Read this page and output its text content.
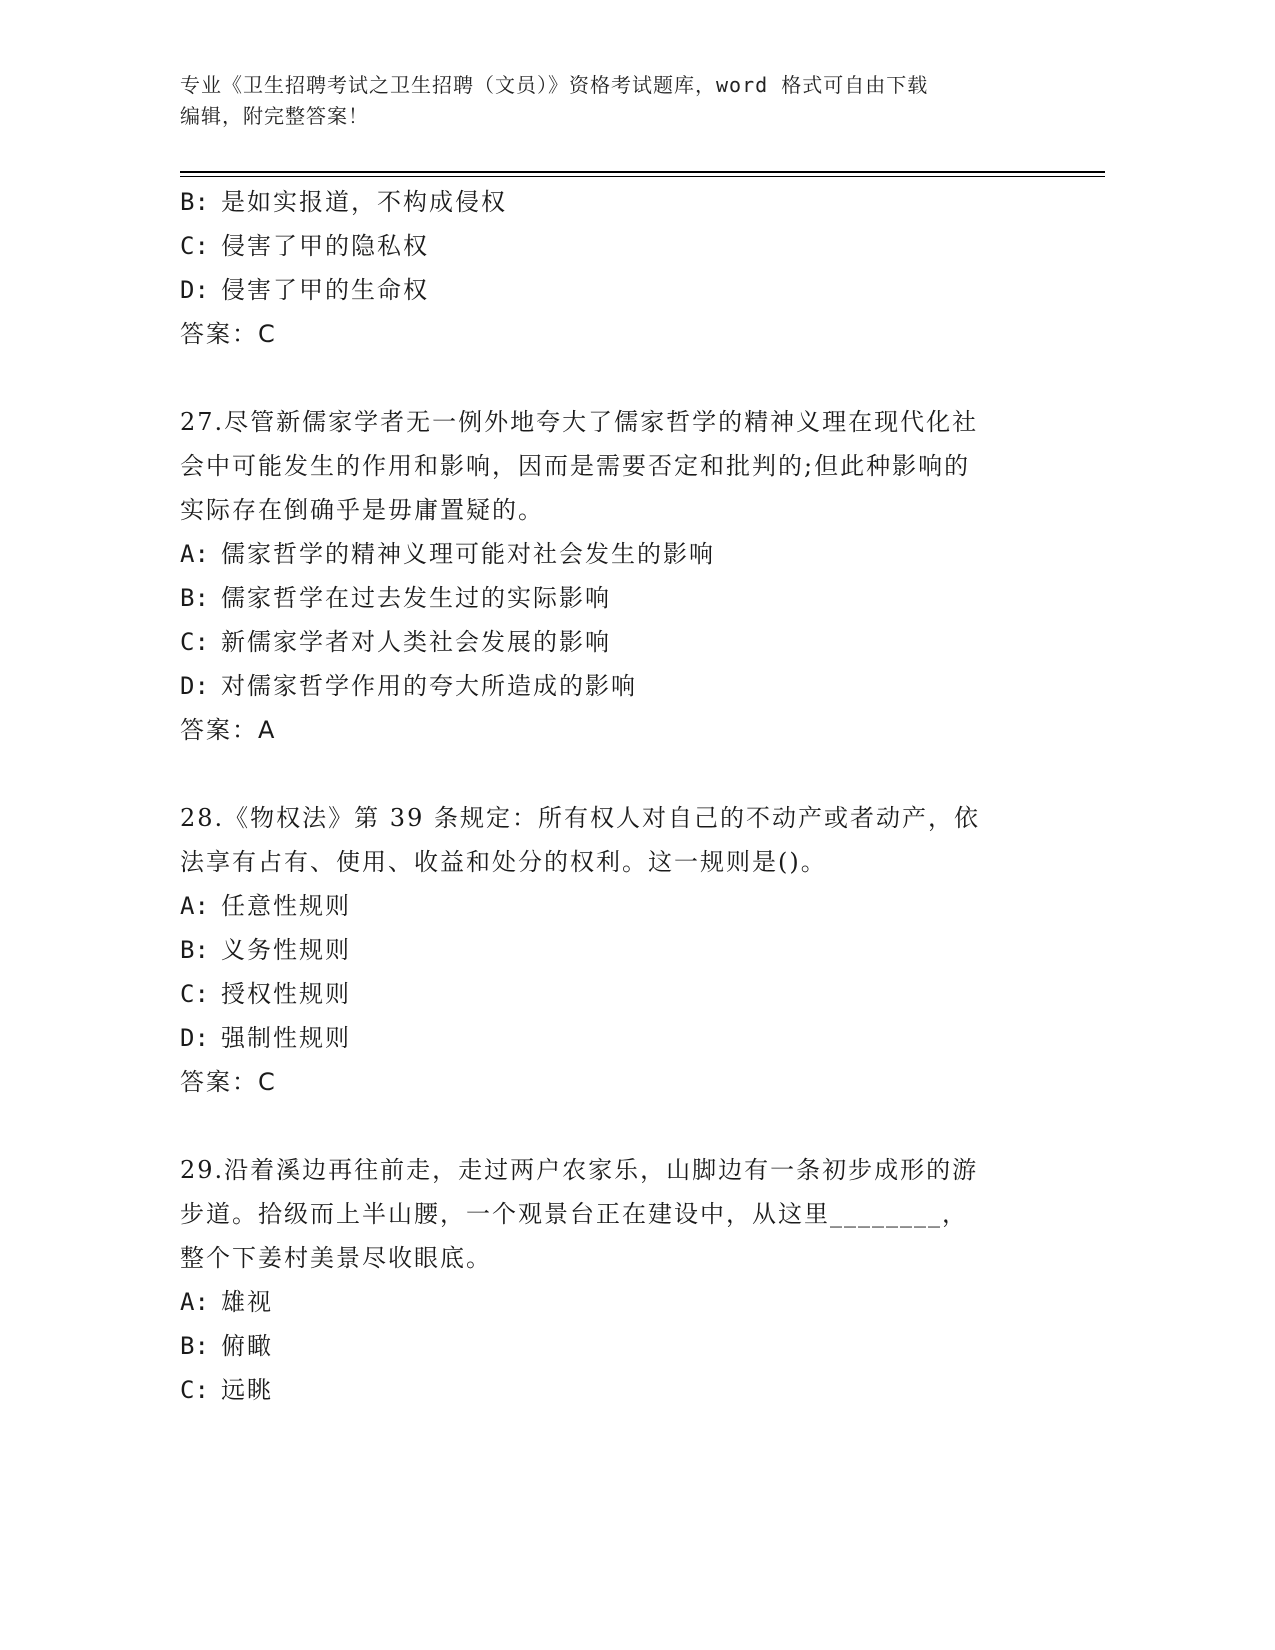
专业《卫生招聘考试之卫生招聘（文员）》资格考试题库，word 格式可自由下载
编辑，附完整答案！
B: 是如实报道，不构成侵权
C: 侵害了甲的隐私权
D: 侵害了甲的生命权
答案：C
27.尽管新儒家学者无一例外地夸大了儒家哲学的精神义理在现代化社
会中可能发生的作用和影响，因而是需要否定和批判的;但此种影响的
实际存在倒确乎是毋庸置疑的。
A: 儒家哲学的精神义理可能对社会发生的影响
B: 儒家哲学在过去发生过的实际影响
C: 新儒家学者对人类社会发展的影响
D: 对儒家哲学作用的夸大所造成的影响
答案：A
28.《物权法》第 39 条规定：所有权人对自己的不动产或者动产，依
法享有占有、使用、收益和处分的权利。这一规则是()。
A: 任意性规则
B: 义务性规则
C: 授权性规则
D: 强制性规则
答案：C
29.沿着溪边再往前走，走过两户农家乐，山脚边有一条初步成形的游
步道。拾级而上半山腰，一个观景台正在建设中，从这里________，
整个下姜村美景尽收眼底。
A: 雄视
B: 俯瞰
C: 远眺
